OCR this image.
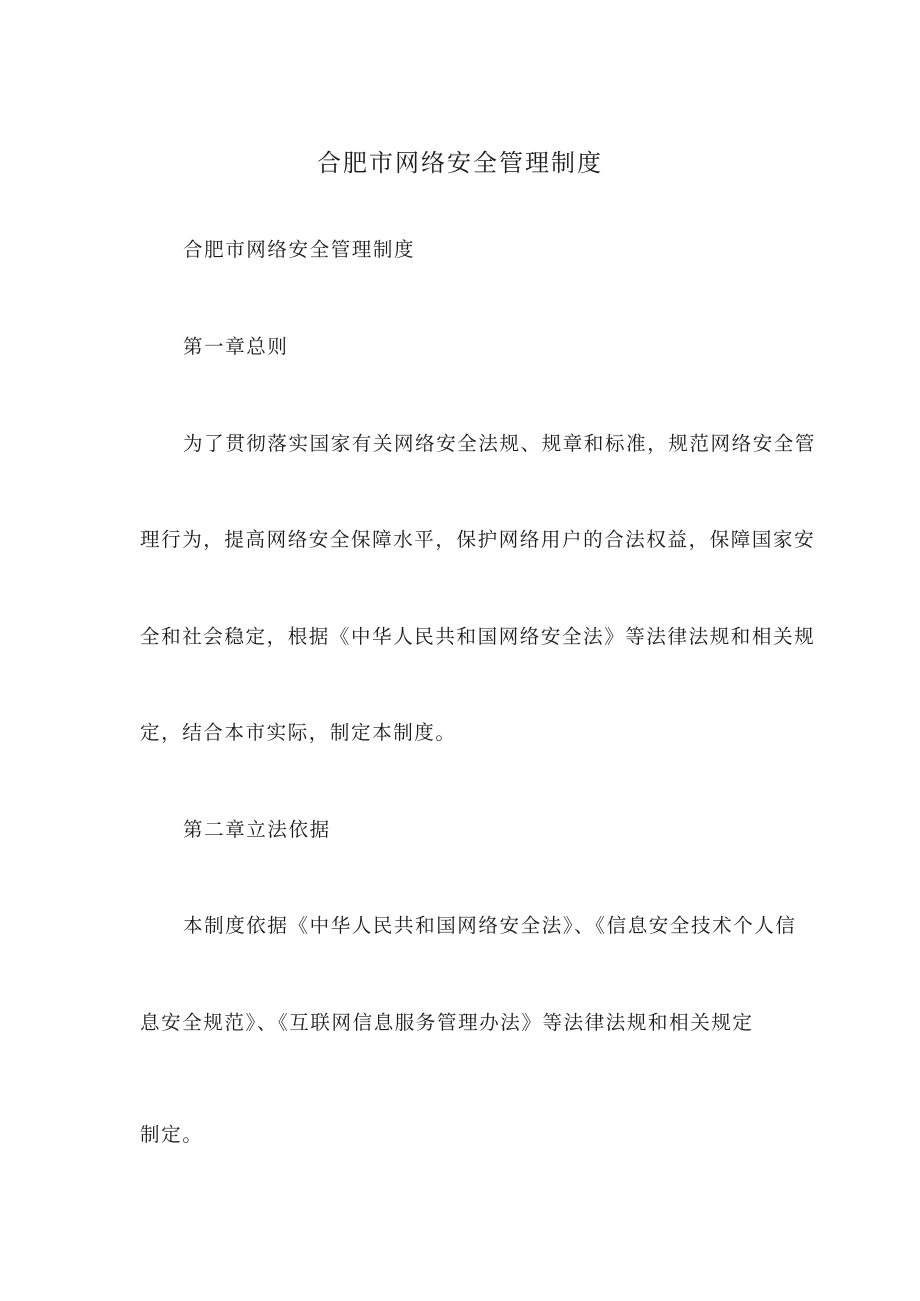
合肥市网络安全管理制度
合肥市网络安全管理制度
第一章总则
为了贯彻落实国家有关网络安全法规、规章和标准，规范网络安全管
理行为，提高网络安全保障水平，保护网络用户的合法权益，保障国家安
全和社会稳定，根据《中华人民共和国网络安全法》等法律法规和相关规
定，结合本市实际，制定本制度。
第二章立法依据
本制度依据《中华人民共和国网络安全法》、《信息安全技术个人信
息安全规范》、《互联网信息服务管理办法》等法律法规和相关规定
制定。
